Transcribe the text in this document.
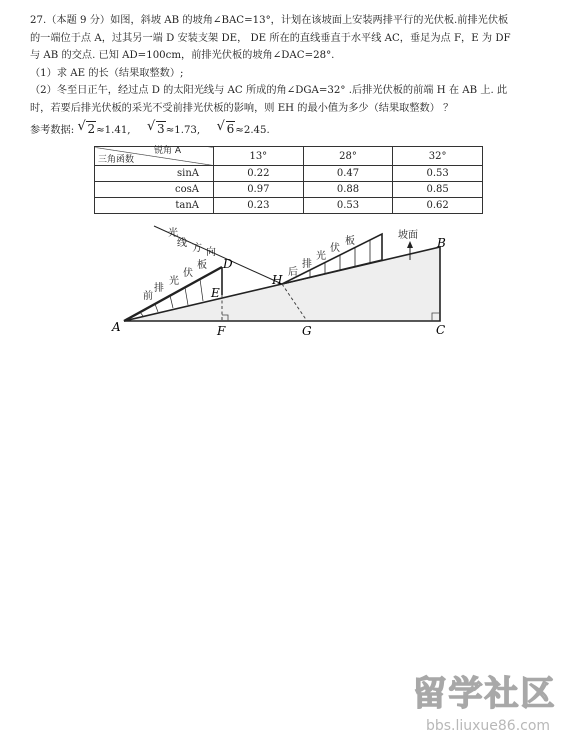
27.（本题 9 分）如图，斜坡 AB 的坡角∠BAC=13°，计划在该坡面上安装两排平行的光伏板.前排光伏板

的一端位于点 A，过其另一端 D 安装支架 DE， DE 所在的直线垂直于水平线 AC，垂足为点 F，E 为 DF

与 AB 的交点. 已知 AD=100cm，前排光伏板的坡角∠DAC=28°.

（1）求 AE 的长（结果取整数）;

（2）冬至日正午，经过点 D 的太阳光线与 AC 所成的角∠DGA=32° .后排光伏板的前端 H 在 AB 上. 此

时，若要后排光伏板的采光不受前排光伏板的影响，则 EH 的最小值为多少（结果取整数） ？

参考数据: √ 2≈1.41, √ 3≈1.73, √ 6≈2.45.
锐角 A
三角函数	13°	28°	32°
sinA	0.22	0.47	0.53
cosA	0.97	0.88	0.85
tanA	0.23	0.53	0.62
A	F	G	C
D
E
H
B
光
线 方 向
前
排
光
伏
板
后
排
光
伏
板
坡面
留学社区
bbs.liuxue86.com
